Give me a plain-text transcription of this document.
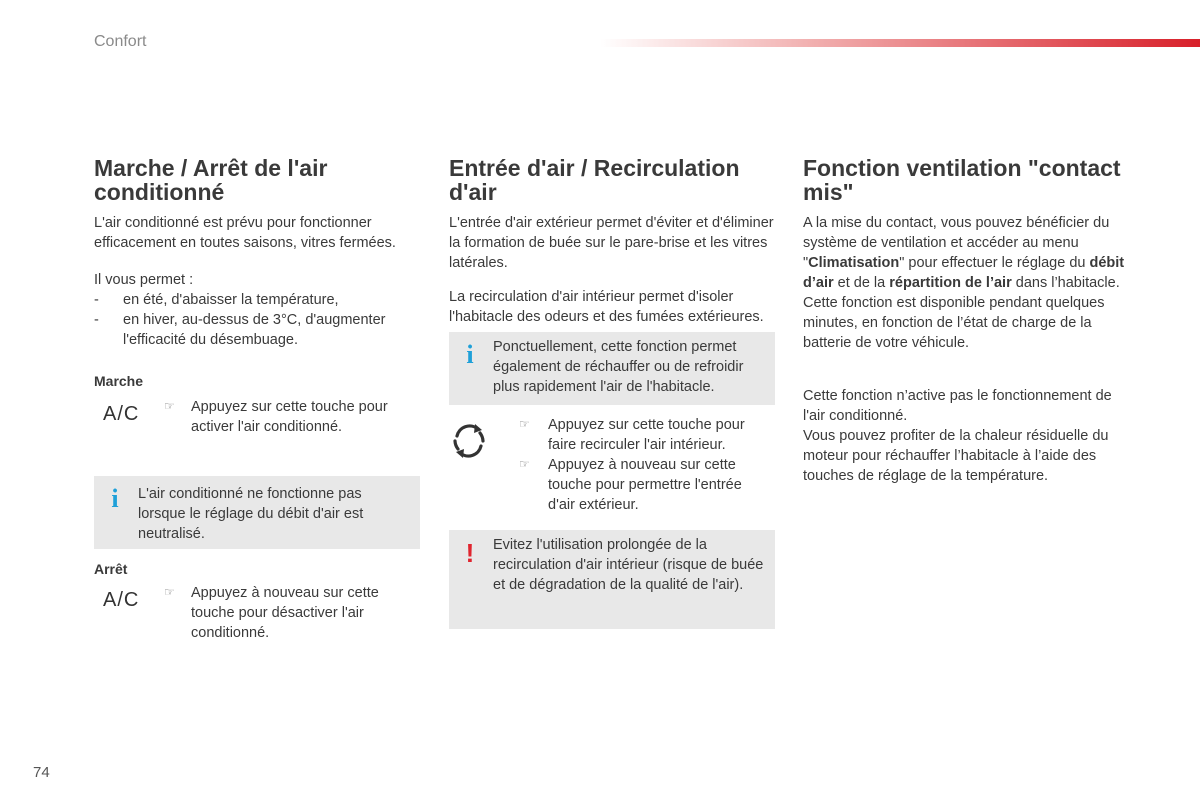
Confort
Marche / Arrêt de l'air conditionné

L'air conditionné est prévu pour fonctionner efficacement en toutes saisons, vitres fermées.

Il vous permet :

- en été, d'abaisser la température,
- en hiver, au-dessus de 3°C, d'augmenter l'efficacité du désembuage.

Marche

A/C	☞	Appuyez sur cette touche pour activer l'air conditionné.
i L'air conditionné ne fonctionne pas lorsque le réglage du débit d'air est neutralisé.

Arrêt

A/C	☞	Appuyez à nouveau sur cette touche pour désactiver l'air conditionné.
Entrée d'air / Recirculation d'air

L'entrée d'air extérieur permet d'éviter et d'éliminer la formation de buée sur le pare-brise et les vitres latérales.

La recirculation d'air intérieur permet d'isoler l'habitacle des odeurs et des fumées extérieures.

i Ponctuellement, cette fonction permet également de réchauffer ou de refroidir plus rapidement l'air de l'habitacle.
☞	Appuyez sur cette touche pour faire recirculer l'air intérieur.
☞	Appuyez à nouveau sur cette touche pour permettre l'entrée d'air extérieur.
! Evitez l'utilisation prolongée de la recirculation d'air intérieur (risque de buée et de dégradation de la qualité de l'air).
Fonction ventilation "contact mis"

A la mise du contact, vous pouvez bénéficier du système de ventilation et accéder au menu "Climatisation" pour effectuer le réglage du débit d’air et de la répartition de l’air dans l’habitacle.

Cette fonction est disponible pendant quelques minutes, en fonction de l’état de charge de la batterie de votre véhicule.

Cette fonction n’active pas le fonctionnement de l'air conditionné.

Vous pouvez profiter de la chaleur résiduelle du moteur pour réchauffer l’habitacle à l’aide des touches de réglage de la température.

74
